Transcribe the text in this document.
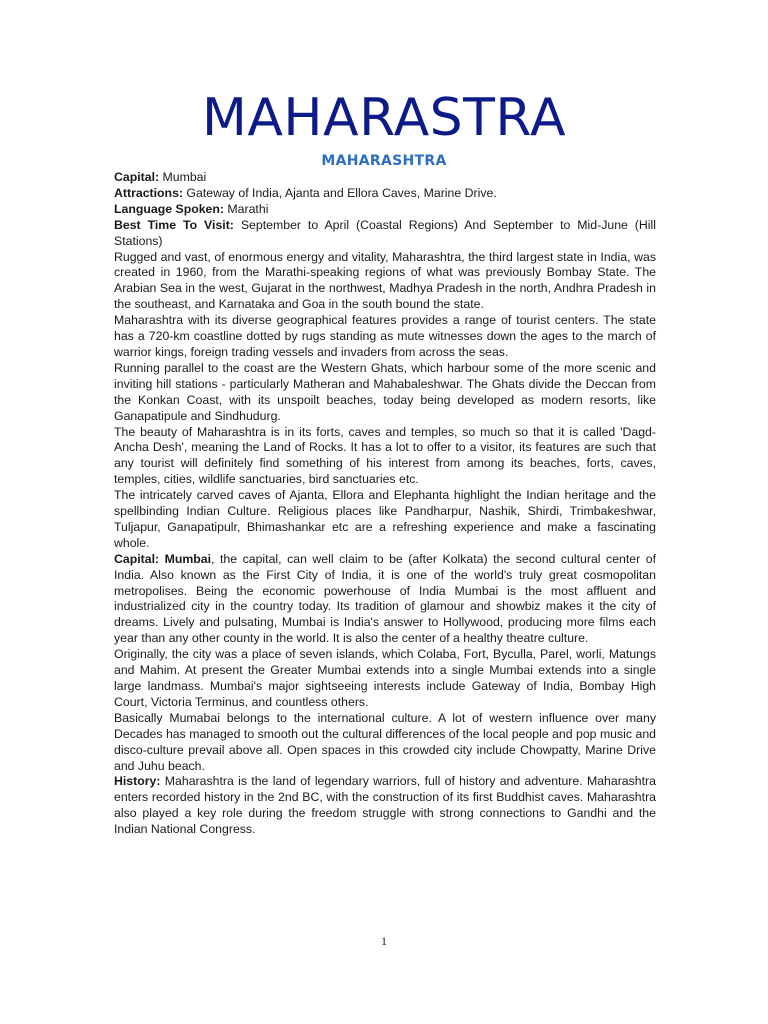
MAHARASTRA
MAHARASHTRA

Capital: Mumbai

Attractions: Gateway of India, Ajanta and Ellora Caves, Marine Drive.

Language Spoken: Marathi

Best Time To Visit: September to April (Coastal Regions) And September to Mid-June (Hill Stations)

Rugged and vast, of enormous energy and vitality, Maharashtra, the third largest state in India, was created in 1960, from the Marathi-speaking regions of what was previously Bombay State. The Arabian Sea in the west, Gujarat in the northwest, Madhya Pradesh in the north, Andhra Pradesh in the southeast, and Karnataka and Goa in the south bound the state.

Maharashtra with its diverse geographical features provides a range of tourist centers. The state has a 720-km coastline dotted by rugs standing as mute witnesses down the ages to the march of warrior kings, foreign trading vessels and invaders from across the seas.

Running parallel to the coast are the Western Ghats, which harbour some of the more scenic and inviting hill stations - particularly Matheran and Mahabaleshwar. The Ghats divide the Deccan from the Konkan Coast, with its unspoilt beaches, today being developed as modern resorts, like Ganapatipule and Sindhudurg.

The beauty of Maharashtra is in its forts, caves and temples, so much so that it is called 'Dagd-Ancha Desh', meaning the Land of Rocks. It has a lot to offer to a visitor, its features are such that any tourist will definitely find something of his interest from among its beaches, forts, caves, temples, cities, wildlife sanctuaries, bird sanctuaries etc.

The intricately carved caves of Ajanta, Ellora and Elephanta highlight the Indian heritage and the spellbinding Indian Culture. Religious places like Pandharpur, Nashik, Shirdi, Trimbakeshwar, Tuljapur, Ganapatipulr, Bhimashankar etc are a refreshing experience and make a fascinating whole.

Capital: Mumbai, the capital, can well claim to be (after Kolkata) the second cultural center of India. Also known as the First City of India, it is one of the world's truly great cosmopolitan metropolises. Being the economic powerhouse of India Mumbai is the most affluent and industrialized city in the country today. Its tradition of glamour and showbiz makes it the city of dreams. Lively and pulsating, Mumbai is India's answer to Hollywood, producing more films each year than any other county in the world. It is also the center of a healthy theatre culture.

Originally, the city was a place of seven islands, which Colaba, Fort, Byculla, Parel, worli, Matungs and Mahim. At present the Greater Mumbai extends into a single Mumbai extends into a single large landmass. Mumbai's major sightseeing interests include Gateway of India, Bombay High Court, Victoria Terminus, and countless others.

Basically Mumabai belongs to the international culture. A lot of western influence over many Decades has managed to smooth out the cultural differences of the local people and pop music and disco-culture prevail above all. Open spaces in this crowded city include Chowpatty, Marine Drive and Juhu beach.

History: Maharashtra is the land of legendary warriors, full of history and adventure. Maharashtra enters recorded history in the 2nd BC, with the construction of its first Buddhist caves. Maharashtra also played a key role during the freedom struggle with strong connections to Gandhi and the Indian National Congress.

1
